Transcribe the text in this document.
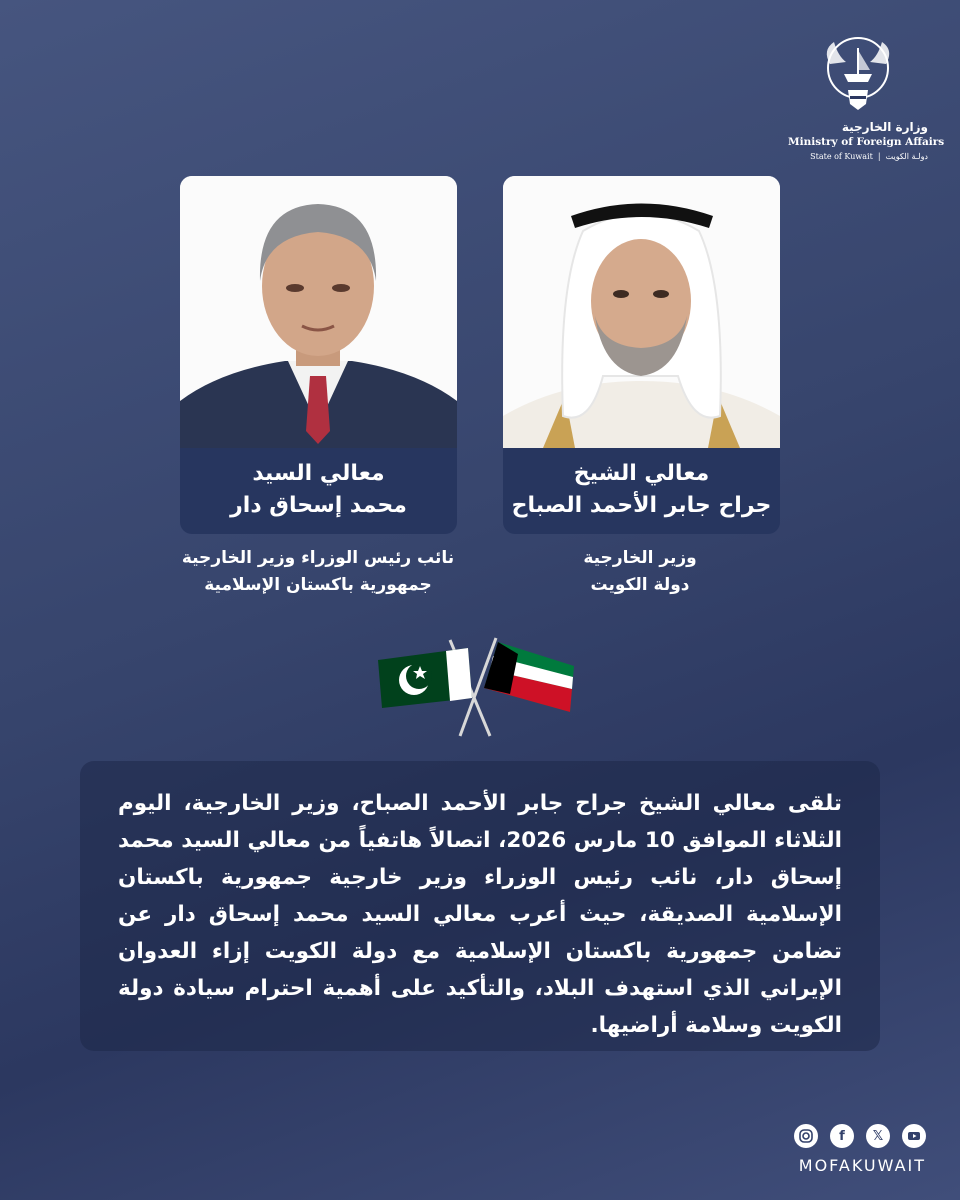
وزارة الخارجية
Ministry of Foreign Affairs
State of Kuwait  |  دولـة الكويت
معالي السيد
محمد إسحاق دار
معالي الشيخ
جراح جابر الأحمد الصباح
نائب رئيس الوزراء وزير الخارجية
جمهورية باكستان الإسلامية
وزير الخارجية
دولة الكويت

تلقى معالي الشيخ جراح جابر الأحمد الصباح، وزير الخارجية، اليوم الثلاثاء الموافق 10 مارس 2026، اتصالاً هاتفياً من معالي السيد محمد إسحاق دار، نائب رئيس الوزراء وزير خارجية جمهورية باكستان الإسلامية الصديقة، حيث أعرب معالي السيد محمد إسحاق دار عن تضامن جمهورية باكستان الإسلامية مع دولة الكويت إزاء العدوان الإيراني الذي استهدف البلاد، والتأكيد على أهمية احترام سيادة دولة الكويت وسلامة أراضيها.

f	𝕏
MOFAKUWAIT
